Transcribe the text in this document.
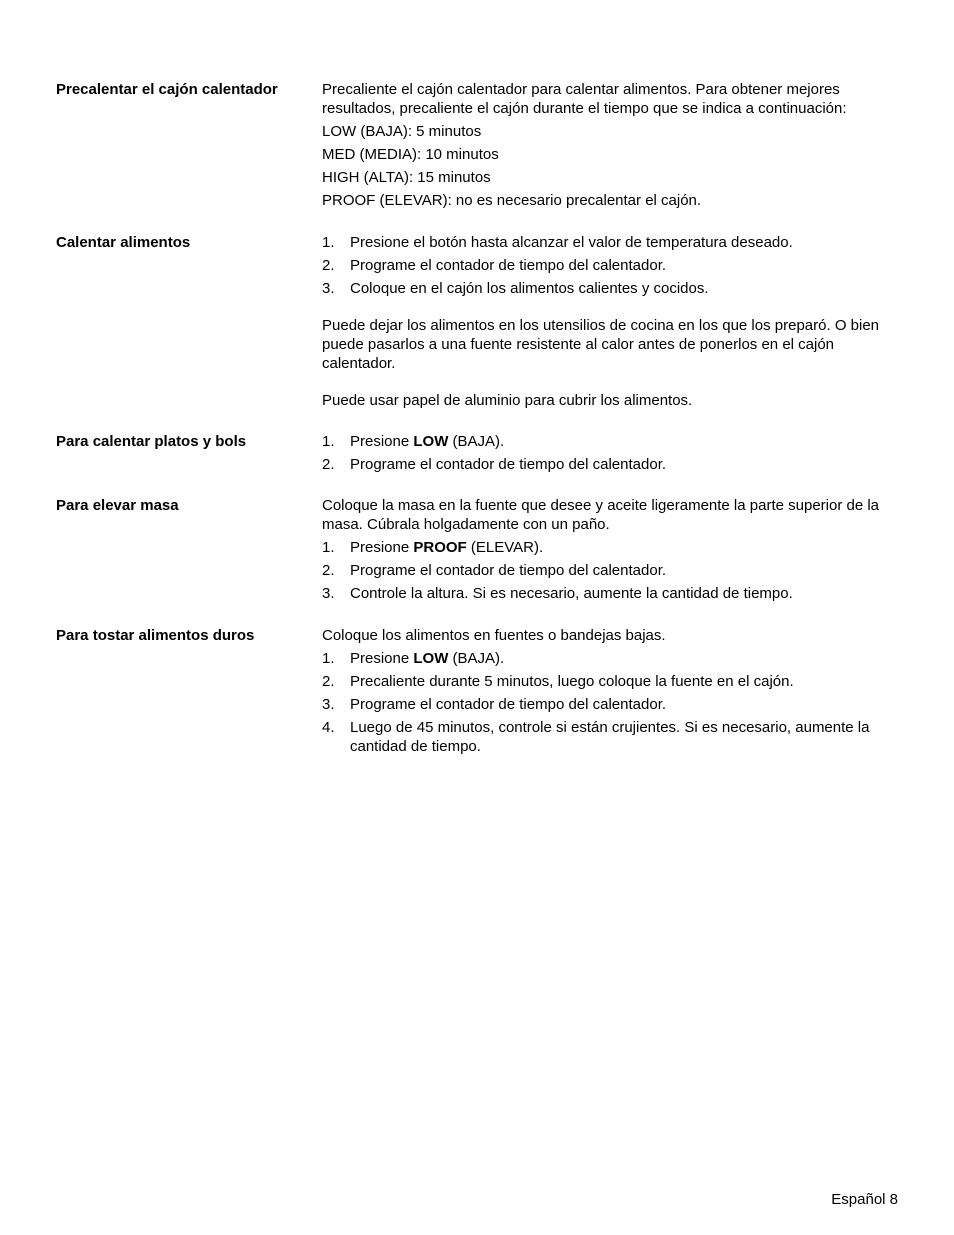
Precalentar el cajón calentador	Precaliente el cajón calentador para calentar alimentos. Para obtener mejores resultados, precaliente el cajón durante el tiempo que se indica a continuación:

LOW (BAJA): 5 minutos

MED (MEDIA): 10 minutos

HIGH (ALTA): 15 minutos

PROOF (ELEVAR): no es necesario precalentar el cajón.

Calentar alimentos	1. Presione el botón hasta alcanzar el valor de temperatura deseado.
2. Programe el contador de tiempo del calentador.
3. Coloque en el cajón los alimentos calientes y cocidos.

Puede dejar los alimentos en los utensilios de cocina en los que los preparó. O bien puede pasarlos a una fuente resistente al calor antes de ponerlos en el cajón calentador.

Puede usar papel de aluminio para cubrir los alimentos.

Para calentar platos y bols	1. Presione LOW (BAJA).
2. Programe el contador de tiempo del calentador.
Para elevar masa	Coloque la masa en la fuente que desee y aceite ligeramente la parte superior de la masa. Cúbrala holgadamente con un paño.

1. Presione PROOF (ELEVAR).
2. Programe el contador de tiempo del calentador.
3. Controle la altura. Si es necesario, aumente la cantidad de tiempo.
Para tostar alimentos duros	Coloque los alimentos en fuentes o bandejas bajas.

1. Presione LOW (BAJA).
2. Precaliente durante 5 minutos, luego coloque la fuente en el cajón.
3. Programe el contador de tiempo del calentador.
4. Luego de 45 minutos, controle si están crujientes. Si es necesario, aumente la cantidad de tiempo.
Español 8
